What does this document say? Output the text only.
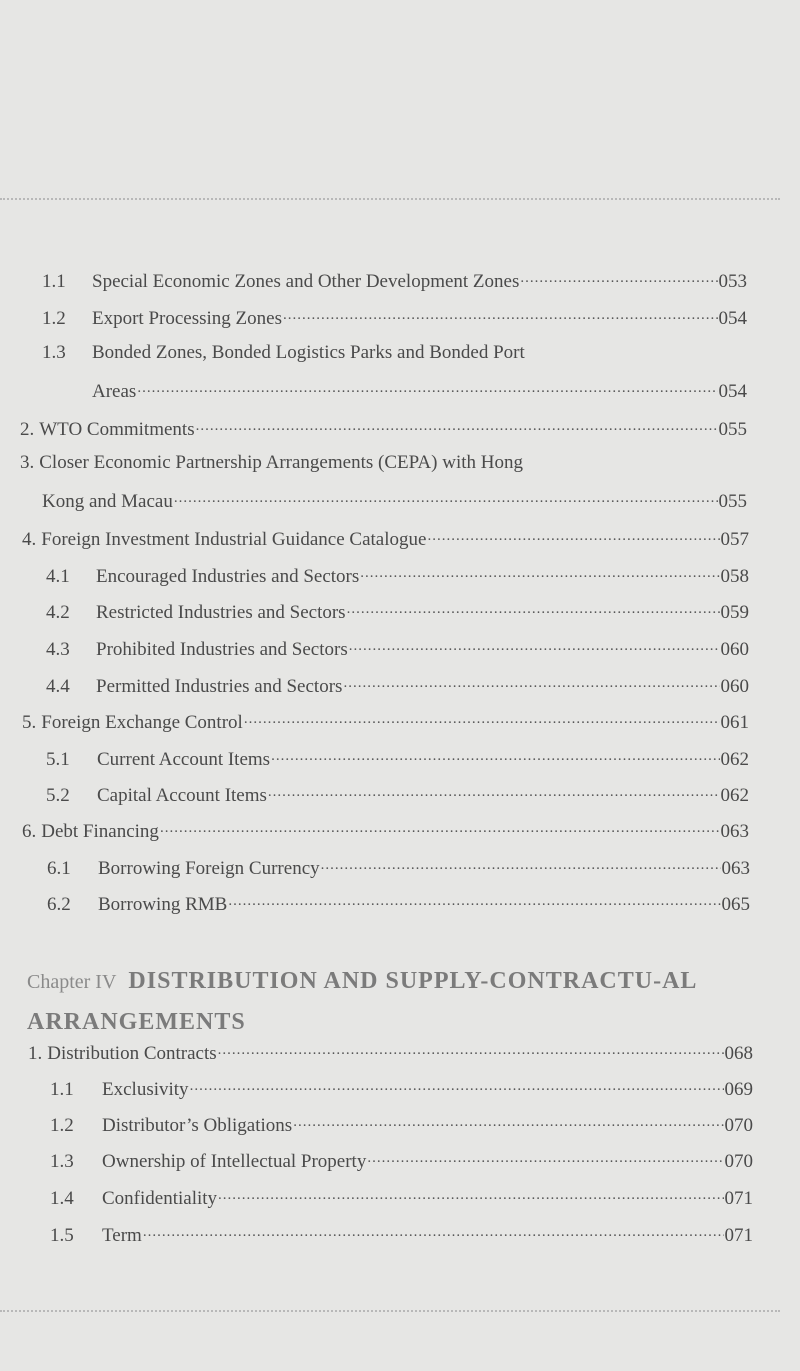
1.1	Special Economic Zones and Other Development Zones .....	053
1.2	Export Processing Zones .....	054
1.3	Bonded Zones, Bonded Logistics Parks and Bonded Port
Areas .....	054
2. WTO Commitments .....	055
3. Closer Economic Partnership Arrangements (CEPA) with Hong
Kong and Macau .....	055
4. Foreign Investment Industrial Guidance Catalogue .....	057
4.1	Encouraged Industries and Sectors .....	058
4.2	Restricted Industries and Sectors .....	059
4.3	Prohibited Industries and Sectors .....	060
4.4	Permitted Industries and Sectors .....	060
5. Foreign Exchange Control .....	061
5.1	Current Account Items .....	062
5.2	Capital Account Items .....	062
6. Debt Financing .....	063
6.1	Borrowing Foreign Currency .....	063
6.2	Borrowing RMB .....	065
Chapter IV DISTRIBUTION AND SUPPLY-CONTRACTU-AL ARRANGEMENTS
1. Distribution Contracts .....	068
1.1	Exclusivity .....	069
1.2	Distributor’s Obligations .....	070
1.3	Ownership of Intellectual Property .....	070
1.4	Confidentiality .....	071
1.5	Term .....	071
